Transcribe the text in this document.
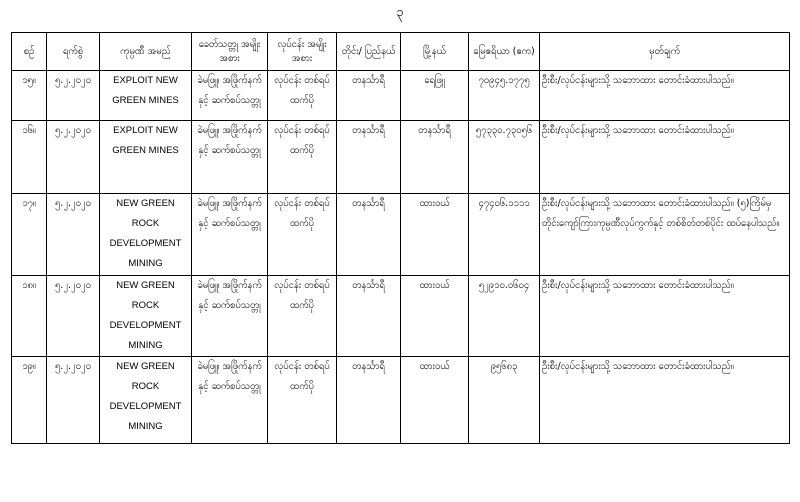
၃
စဉ်	ရက်စွဲ	ကုမ္ပဏီ အမည်	ခေတ်သတ္တု အမျိုးအစား	လုပ်ငန်း အမျိုးအစား	တိုင်း/ ပြည်နယ်	မြို့နယ်	မြေဧရိယာ (ဧက)	မှတ်ချက်
၁၅။	၅.၂.၂၀၂၀	EXPLOIT NEW GREEN MINES	ခဲမဖြူ၊ အဖြိုက်နက်နှင့် ဆက်စပ်သတ္တု	လုပ်ငန်း တစ်ရပ်ထက်ပို	တနင်္သာရီ	ရေဖြူ	၇၀၉၄၅.၁၇၇၅	ဦးစီး/လုပ်ငန်းများသို့ သဘောထား တောင်းခံထားပါသည်။
၁၆။	၅.၂.၂၀၂၀	EXPLOIT NEW GREEN MINES	ခဲမဖြူ၊ အဖြိုက်နက်နှင့် ဆက်စပ်သတ္တု	လုပ်ငန်း တစ်ရပ်ထက်ပို	တနင်္သာရီ	တနင်္သာရီ	၅၇၃၃၀.၇၃၀၅၆	ဦးစီး/လုပ်ငန်းများသို့ သဘောထား တောင်းခံထားပါသည်။
၁၇။	၅.၂.၂၀၂၀	NEW GREEN ROCK DEVELOPMENT MINING	ခဲမဖြူ၊ အဖြိုက်နက်နှင့် ဆက်စပ်သတ္တု	လုပ်ငန်း တစ်ရပ်ထက်ပို	တနင်္သာရီ	ထားဝယ်	၄၇၄၀၆.၁၁၁၁	ဦးစီး/လုပ်ငန်းများသို့ သဘောထား တောင်းခံထားပါသည်။ (၅)ကြိမ်မှ တိုင်းကျော်ကြားကုမ္ပဏီလုပ်ကွက်နှင့် တစ်စိတ်တစ်ပိုင်း ထပ်နေပါသည်။
၁၈။	၅.၂.၂၀၂၀	NEW GREEN ROCK DEVELOPMENT MINING	ခဲမဖြူ၊ အဖြိုက်နက်နှင့် ဆက်စပ်သတ္တု	လုပ်ငန်း တစ်ရပ်ထက်ပို	တနင်္သာရီ	ထားဝယ်	၅၂၉၁၀.၀၆၀၄	ဦးစီး/လုပ်ငန်းများသို့ သဘောထား တောင်းခံထားပါသည်။
၁၉။	၅.၂.၂၀၂၀	NEW GREEN ROCK DEVELOPMENT MINING	ခဲမဖြူ၊ အဖြိုက်နက်နှင့် ဆက်စပ်သတ္တု	လုပ်ငန်း တစ်ရပ်ထက်ပို	တနင်္သာရီ	ထားဝယ်	၉၅၆၈၃	ဦးစီး/လုပ်ငန်းများသို့ သဘောထား တောင်းခံထားပါသည်။
